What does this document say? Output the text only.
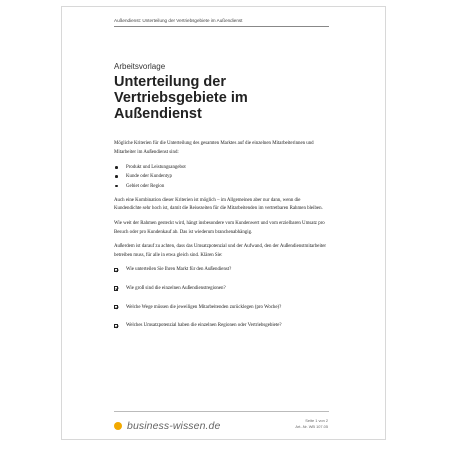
Außendienst: Unterteilung der Vertriebsgebiete im Außendienst
Arbeitsvorlage
Unterteilung der Vertriebsgebiete im Außendienst

Mögliche Kriterien für die Unterteilung des gesamten Marktes auf die einzelnen Mitarbeiterinnen und Mitarbeiter im Außendienst sind:

Produkt und Leistungsangebot
Kunde oder Kundentyp
Gebiet oder Region

Auch eine Kombination dieser Kriterien ist möglich – im Allgemeinen aber nur dann, wenn die Kundendichte sehr hoch ist, damit die Reisezeiten für die Mitarbeitenden im vertretbaren Rahmen bleiben.

Wie weit der Rahmen gesteckt wird, hängt insbesondere vom Kundenwert und vom erzielbaren Umsatz pro Besuch oder pro Kundenkauf ab. Das ist wiederum branchenabhängig.

Außerdem ist darauf zu achten, dass das Umsatzpotenzial und der Aufwand, den der Außendienstmitarbeiter betreiben muss, für alle in etwa gleich sind. Klären Sie:

Wie unterteilen Sie Ihren Markt für den Außendienst?
Wie groß sind die einzelnen Außendienstregionen?
Welche Wege müssen die jeweiligen Mitarbeitenden zurücklegen (pro Woche)?
Welches Umsatzpotenzial haben die einzelnen Regionen oder Vertriebsgebiete?
business-wissen.de	Seite 1 von 2
Art.-Nr. WB 107.05
